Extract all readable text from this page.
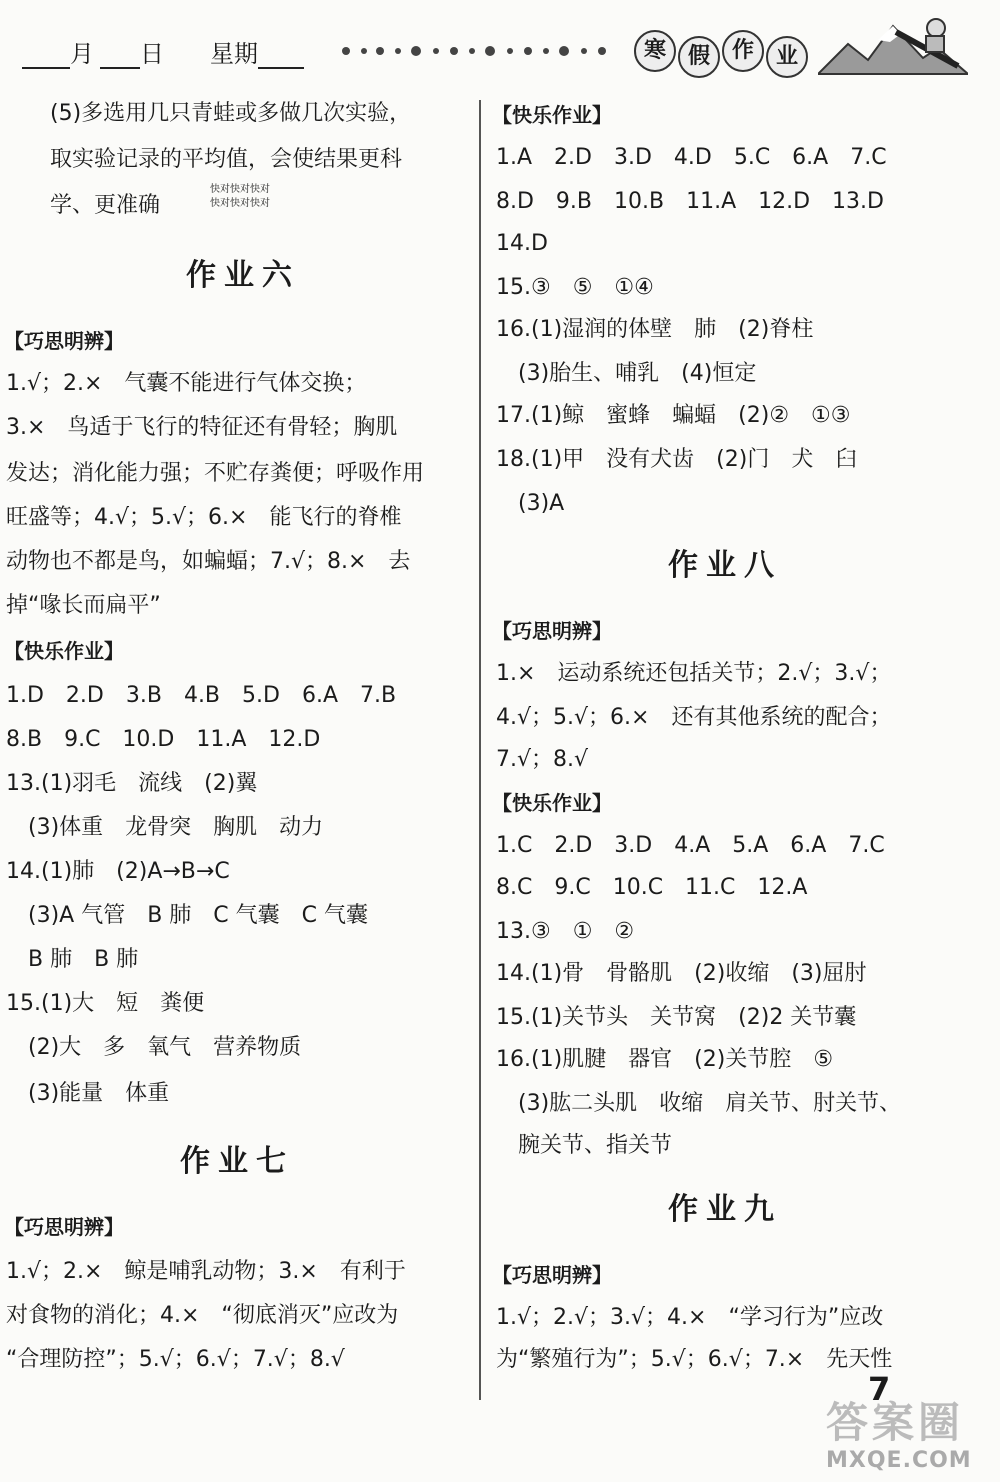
月	日 星期	寒 假 作 业
(5)多选用几只青蛙或多做几次实验，
取实验记录的平均值，会使结果更科
学、更准确
快对快对快对
快对快对快对
作业六
【巧思明辨】
1.√；2.×　气囊不能进行气体交换；
3.×　鸟适于飞行的特征还有骨轻；胸肌
发达；消化能力强；不贮存粪便；呼吸作用
旺盛等；4.√；5.√；6.×　能飞行的脊椎
动物也不都是鸟，如蝙蝠；7.√；8.×　去
掉“喙长而扁平”
【快乐作业】
1.D　2.D　3.B　4.B　5.D　6.A　7.B
8.B　9.C　10.D　11.A　12.D
13.(1)羽毛　流线　(2)翼
　(3)体重　龙骨突　胸肌　动力
14.(1)肺　(2)A→B→C
　(3)A 气管　B 肺　C 气囊　C 气囊
　B 肺　B 肺
15.(1)大　短　粪便
　(2)大　多　氧气　营养物质
　(3)能量　体重
作业七
【巧思明辨】
1.√；2.×　鲸是哺乳动物；3.×　有利于
对食物的消化；4.×　“彻底消灭”应改为
“合理防控”；5.√；6.√；7.√；8.√
【快乐作业】
1.A　2.D　3.D　4.D　5.C　6.A　7.C
8.D　9.B　10.B　11.A　12.D　13.D
14.D
15.③　⑤　①④
16.(1)湿润的体壁　肺　(2)脊柱
　(3)胎生、哺乳　(4)恒定
17.(1)鲸　蜜蜂　蝙蝠　(2)②　①③
18.(1)甲　没有犬齿　(2)门　犬　臼
　(3)A
作业八
【巧思明辨】
1.×　运动系统还包括关节；2.√；3.√；
4.√；5.√；6.×　还有其他系统的配合；
7.√；8.√
【快乐作业】
1.C　2.D　3.D　4.A　5.A　6.A　7.C
8.C　9.C　10.C　11.C　12.A
13.③　①　②
14.(1)骨　骨骼肌　(2)收缩　(3)屈肘
15.(1)关节头　关节窝　(2)2 关节囊
16.(1)肌腱　器官　(2)关节腔　⑤
　(3)肱二头肌　收缩　肩关节、肘关节、
　腕关节、指关节
作业九
【巧思明辨】
1.√；2.√；3.√；4.×　“学习行为”应改
为“繁殖行为”；5.√；6.√；7.×　先天性
7
答案圈
MXQE.COM
